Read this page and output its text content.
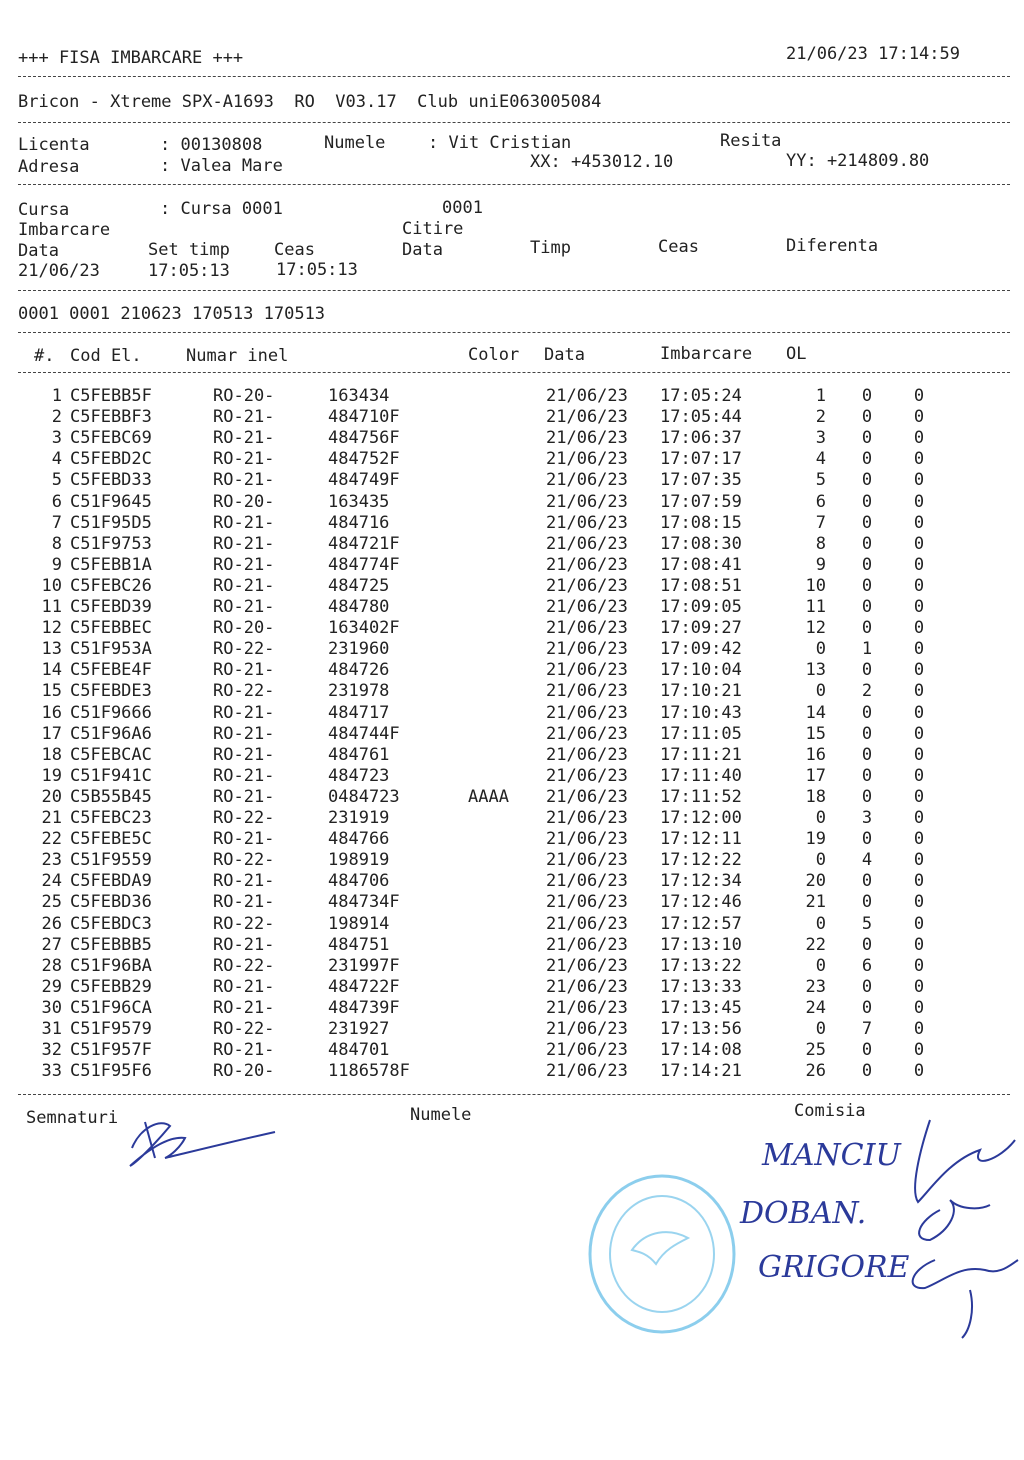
+++ FISA IMBARCARE +++	21/06/23 17:14:59
Bricon - Xtreme SPX-A1693  RO  V03.17  Club uniE063005084
Licenta	: 00130808	Numele	: Vit Cristian	Resita
Adresa	: Valea Mare	XX: +453012.10	YY: +214809.80
Cursa	: Cursa 0001	0001
Imbarcare	Citire
Data	Set timp	Ceas	Data	Timp	Ceas	Diferenta
21/06/23	17:05:13	17:05:13
0001 0001 210623 170513 170513
#. Cod El.	Numar inel	Color Data	Imbarcare OL
1 C5FEBB5F	RO-20-	163434	21/06/23 17:05:24	1 0 0
2 C5FEBBF3	RO-21-	484710F	21/06/23 17:05:44	2 0 0
3 C5FEBC69	RO-21-	484756F	21/06/23 17:06:37	3 0 0
4 C5FEBD2C	RO-21-	484752F	21/06/23 17:07:17	4 0 0
5 C5FEBD33	RO-21-	484749F	21/06/23 17:07:35	5 0 0
6 C51F9645	RO-20-	163435	21/06/23 17:07:59	6 0 0
7 C51F95D5	RO-21-	484716	21/06/23 17:08:15	7 0 0
8 C51F9753	RO-21-	484721F	21/06/23 17:08:30	8 0 0
9 C5FEBB1A	RO-21-	484774F	21/06/23 17:08:41	9 0 0
10 C5FEBC26	RO-21-	484725	21/06/23 17:08:51	10 0 0
11 C5FEBD39	RO-21-	484780	21/06/23 17:09:05	11 0 0
12 C5FEBBEC	RO-20-	163402F	21/06/23 17:09:27	12 0 0
13 C51F953A	RO-22-	231960	21/06/23 17:09:42	0 1 0
14 C5FEBE4F	RO-21-	484726	21/06/23 17:10:04	13 0 0
15 C5FEBDE3	RO-22-	231978	21/06/23 17:10:21	0 2 0
16 C51F9666	RO-21-	484717	21/06/23 17:10:43	14 0 0
17 C51F96A6	RO-21-	484744F	21/06/23 17:11:05	15 0 0
18 C5FEBCAC	RO-21-	484761	21/06/23 17:11:21	16 0 0
19 C51F941C	RO-21-	484723	21/06/23 17:11:40	17 0 0
20 C5B55B45	RO-21-	0484723	AAAA 21/06/23 17:11:52	18 0 0
21 C5FEBC23	RO-22-	231919	21/06/23 17:12:00	0 3 0
22 C5FEBE5C	RO-21-	484766	21/06/23 17:12:11	19 0 0
23 C51F9559	RO-22-	198919	21/06/23 17:12:22	0 4 0
24 C5FEBDA9	RO-21-	484706	21/06/23 17:12:34	20 0 0
25 C5FEBD36	RO-21-	484734F	21/06/23 17:12:46	21 0 0
26 C5FEBDC3	RO-22-	198914	21/06/23 17:12:57	0 5 0
27 C5FEBBB5	RO-21-	484751	21/06/23 17:13:10	22 0 0
28 C51F96BA	RO-22-	231997F	21/06/23 17:13:22	0 6 0
29 C5FEBB29	RO-21-	484722F	21/06/23 17:13:33	23 0 0
30 C51F96CA	RO-21-	484739F	21/06/23 17:13:45	24 0 0
31 C51F9579	RO-22-	231927	21/06/23 17:13:56	0 7 0
32 C51F957F	RO-21-	484701	21/06/23 17:14:08	25 0 0
33 C51F95F6	RO-20-	1186578F	21/06/23 17:14:21	26 0 0
Semnaturi	Numele	Comisia
MANCIU
DOBAN.
GRIGORE
